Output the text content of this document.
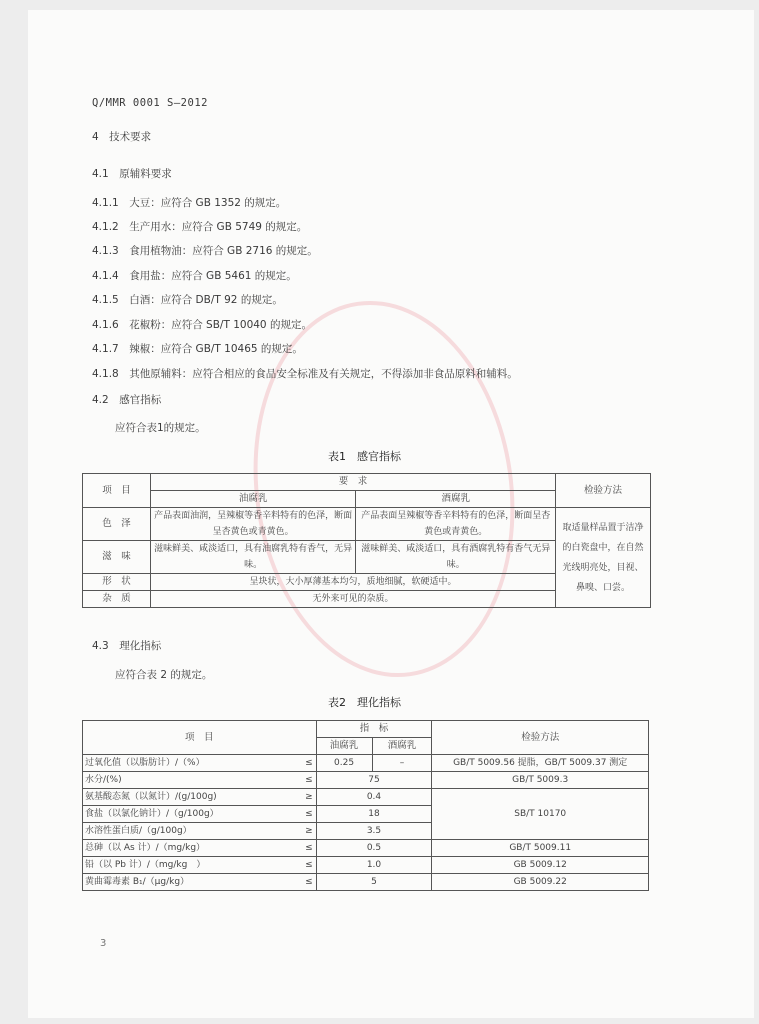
Q/MMR 0001 S—2012
4　技术要求
4.1　原辅料要求
4.1.1　大豆：应符合 GB 1352 的规定。
4.1.2　生产用水：应符合 GB 5749 的规定。
4.1.3　食用植物油：应符合 GB 2716 的规定。
4.1.4　食用盐：应符合 GB 5461 的规定。
4.1.5　白酒：应符合 DB/T 92 的规定。
4.1.6　花椒粉：应符合 SB/T 10040 的规定。
4.1.7　辣椒：应符合 GB/T 10465 的规定。
4.1.8　其他原辅料：应符合相应的食品安全标准及有关规定，不得添加非食品原料和辅料。
4.2　感官指标
应符合表1的规定。
表1　感官指标
项　目	要　求		检验方法
	油腐乳	酒腐乳	
色　泽	产品表面油润，呈辣椒等香辛料特有的色泽，断面呈杏黄色或青黄色。	产品表面呈辣椒等香辛料特有的色泽，断面呈杏黄色或青黄色。	取适量样品置于洁净的白瓷盘中，在自然光线明亮处，目视、鼻嗅、口尝。
滋　味	滋味鲜美、咸淡适口，具有油腐乳特有香气，无异味。	滋味鲜美、咸淡适口，具有酒腐乳特有香气无异味。	
形　状	呈块状，大小厚薄基本均匀，质地细腻，软硬适中。		
杂　质	无外来可见的杂质。		
4.3　理化指标
应符合表 2 的规定。
表2　理化指标
项　目		指　标		检验方法
		油腐乳	酒腐乳	
过氧化值（以脂肪计）/（%）	≤	0.25	–	GB/T 5009.56 提脂，GB/T 5009.37 测定
水分/(%)	≤	75		GB/T 5009.3
氨基酸态氮（以氮计）/(g/100g)	≥	0.4		SB/T 10170
食盐（以氯化钠计）/（g/100g）	≤	18		
水溶性蛋白质/（g/100g）	≥	3.5		
总砷（以 As 计）/（mg/kg）	≤	0.5		GB/T 5009.11
铅（以 Pb 计）/（mg/kg　）	≤	1.0		GB 5009.12
黄曲霉毒素 B₁/（μg/kg）	≤	5		GB 5009.22
3
